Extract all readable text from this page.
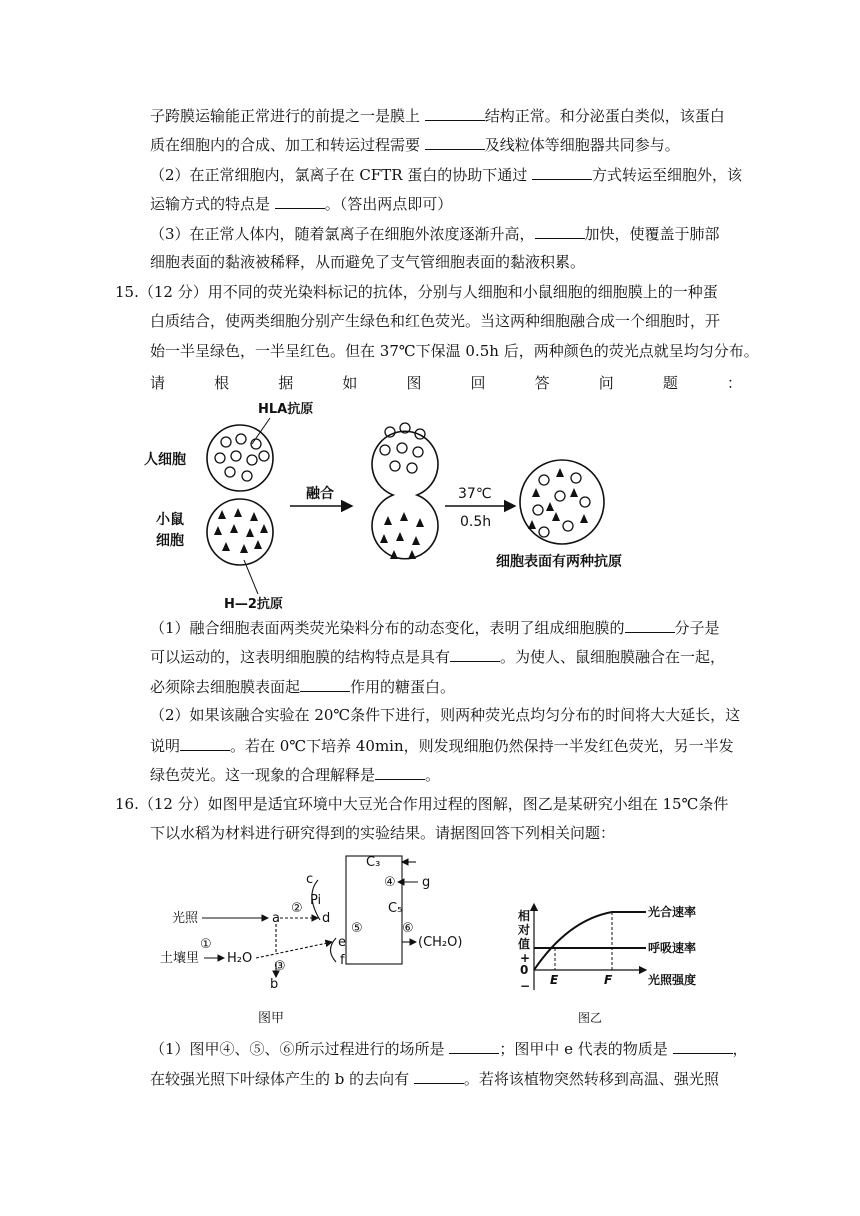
子跨膜运输能正常进行的前提之一是膜上	结构正常。和分泌蛋白类似，该蛋白
质在细胞内的合成、加工和转运过程需要	及线粒体等细胞器共同参与。
（2）在正常细胞内，氯离子在 CFTR 蛋白的协助下通过	方式转运至细胞外，该
运输方式的特点是	。（答出两点即可）
（3）在正常人体内，随着氯离子在细胞外浓度逐渐升高，	加快，使覆盖于肺部
细胞表面的黏液被稀释，从而避免了支气管细胞表面的黏液积累。
15.（12 分）用不同的荧光染料标记的抗体，分别与人细胞和小鼠细胞的细胞膜上的一种蛋
白质结合，使两类细胞分别产生绿色和红色荧光。当这两种细胞融合成一个细胞时，开
始一半呈绿色，一半呈红色。但在 37℃下保温 0.5h 后，两种颜色的荧光点就呈均匀分布。
请	根	据	如	图	回	答	问	题	：
HLA抗原
人细胞
小鼠
细胞
H—2抗原
融合	37℃
0.5h
细胞表面有两种抗原
（1）融合细胞表面两类荧光染料分布的动态变化，表明了组成细胞膜的	分子是
可以运动的，这表明细胞膜的结构特点是具有	。为使人、鼠细胞膜融合在一起，
必须除去细胞膜表面起	作用的糖蛋白。
（2）如果该融合实验在 20℃条件下进行，则两种荧光点均匀分布的时间将大大延长，这
说明	。若在 0℃下培养 40min，则发现细胞仍然保持一半发红色荧光，另一半发
绿色荧光。这一现象的合理解释是	。
16.（12 分）如图甲是适宜环境中大豆光合作用过程的图解，图乙是某研究小组在 15℃条件
下以水稻为材料进行研究得到的实验结果。请据图回答下列相关问题：
C₃
④ g
C₅
c
Pi
光照	a
②
d
⑤	⑥
(CH₂O)
e
①
土壤里 H₂O	f
③
b
图甲
相
对
值
+
0
−
光合速率
呼吸速率
光照强度
E	F
图乙
（1）图甲④、⑤、⑥所示过程进行的场所是	；图甲中 e 代表的物质是	，
在较强光照下叶绿体产生的 b 的去向有	。若将该植物突然转移到高温、强光照
